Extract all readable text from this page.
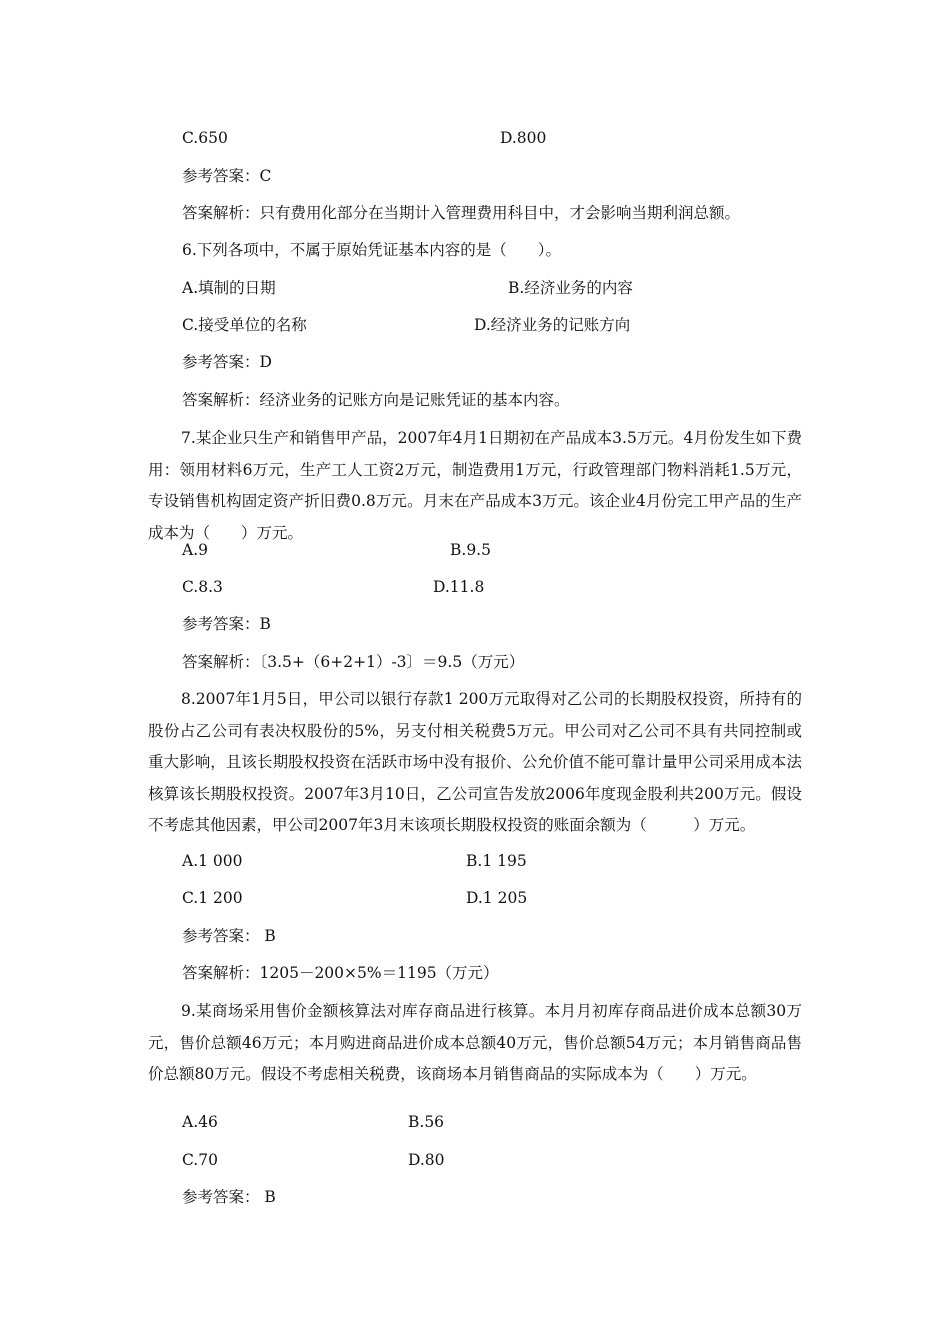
C.650	D.800
参考答案：C
答案解析：只有费用化部分在当期计入管理费用科目中，才会影响当期利润总额。
6.下列各项中，不属于原始凭证基本内容的是（　　）。
A.填制的日期	B.经济业务的内容
C.接受单位的名称	D.经济业务的记账方向
参考答案：D
答案解析：经济业务的记账方向是记账凭证的基本内容。
7.某企业只生产和销售甲产品，2007年4月1日期初在产品成本3.5万元。4月份发生如下费用：领用材料6万元，生产工人工资2万元，制造费用1万元，行政管理部门物料消耗1.5万元，专设销售机构固定资产折旧费0.8万元。月末在产品成本3万元。该企业4月份完工甲产品的生产成本为（　　）万元。
A.9	B.9.5
C.8.3	D.11.8
参考答案：B
答案解析：〔3.5+（6+2+1）-3〕＝9.5（万元）
8.2007年1月5日，甲公司以银行存款1 200万元取得对乙公司的长期股权投资，所持有的股份占乙公司有表决权股份的5%，另支付相关税费5万元。甲公司对乙公司不具有共同控制或重大影响，且该长期股权投资在活跃市场中没有报价、公允价值不能可靠计量甲公司采用成本法核算该长期股权投资。2007年3月10日，乙公司宣告发放2006年度现金股利共200万元。假设不考虑其他因素，甲公司2007年3月末该项长期股权投资的账面余额为（　　　）万元。
A.1 000	B.1 195
C.1 200	D.1 205
参考答案： B
答案解析：1205－200×5%＝1195（万元）
9.某商场采用售价金额核算法对库存商品进行核算。本月月初库存商品进价成本总额30万元，售价总额46万元；本月购进商品进价成本总额40万元，售价总额54万元；本月销售商品售价总额80万元。假设不考虑相关税费，该商场本月销售商品的实际成本为（　　）万元。
A.46	B.56
C.70	D.80
参考答案： B
